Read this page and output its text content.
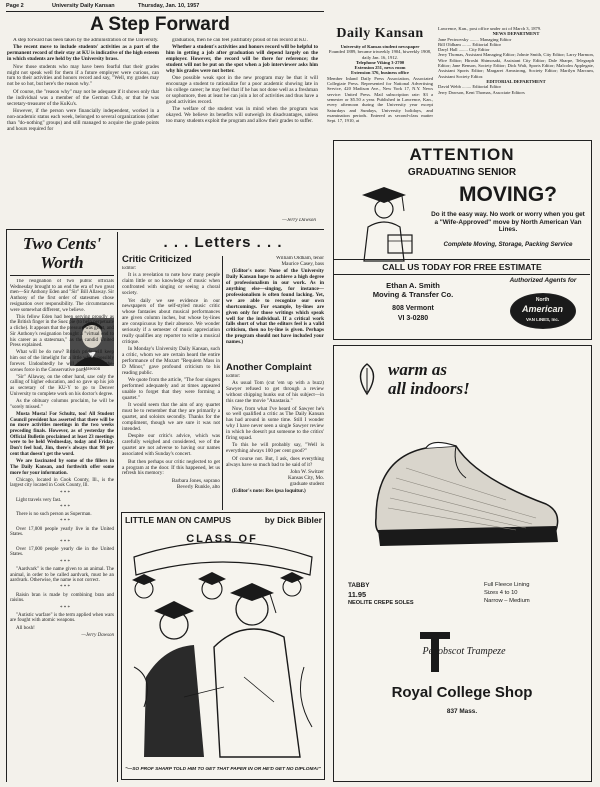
Page 2	University Daily Kansan	Thursday, Jan. 10, 1957
A Step Forward

A step forward has been taken by the administration of the University.

The recent move to include students' activities as a part of the permanent record of their stay at KU is indicative of the high esteem in which students are held by the University brass.

Now those students who may have been fearful that their grades might not speak well for them if a future employer were curious, can turn to their activities and honors record and say, "Well, my grades may not be so hot, but here's the reason why."

Of course, the "reason why" may not be adequate if it shows only that the individual was a member of the German Club, or that he was secretary-treasurer of the KuKu's.

However, if the person were financially independent, worked in a non-academic status each week, belonged to several organizations (other than "do-nothing" groups) and still managed to acquire the grade points and hours required for

graduation, then he can feel justifiably proud of his record at KU.

Whether a student's activities and honors record will be helpful to him in getting a job after graduation will depend largely on the employer. However, the record will be there for reference; the student will not be put on the spot when a job interviewer asks him why his grades were not better.

One possible weak spot in the new program may be that it will encourage a student to rationalize for a poor academic showing late in his college career; he may feel that if he has not done well as a freshman or sophomore, then at least he can join a lot of activities and thus have a good activities record.

The welfare of the student was in mind when the program was okayed. We believe its benefits will outweigh its disadvantages, unless too many students exploit the program and allow their grades to suffer.

—Jerry Dawson
Daily Kansan
University of Kansas student newspaper
Founded 1889, became triweekly 1904, biweekly 1908, daily Jan. 16, 1912.
Telephone Viking 3-2700
Extension 251, news room
Extension 376, business office
Member Inland Daily Press Association, Associated Collegiate Press. Represented for National Advertising Service, 420 Madison Ave., New York 17, N.Y. News service: United Press. Mail subscription rate: $3 a semester or $5.50 a year. Published in Lawrence, Kan., every afternoon during the University year except Saturdays and Sundays, University holidays, and examination periods. Entered as second-class matter Sept. 17, 1910, at
Lawrence, Kan., post office under act of March 3, 1879.
NEWS DEPARTMENT
Jane Pecinovsky ........ Managing Editor
Bill Oldham ........ Editorial Editor
Daryl Hall ........ City Editor
Jerry Thomas, Assistant Managing Editor; Johnie Smith, City Editor; Larry Harmon, Wire Editor; Hiroshi Shimosaki, Assistant City Editor; Dale Sharpe, Telegraph Editor; Jane Benson, Society Editor; Dick Walt, Sports Editor; Malcolm Applegate, Assistant Sports Editor; Margaret Armstrong, Society Editor; Marilyn Marcum, Assistant Society Editor.
EDITORIAL DEPARTMENT
David Webb ........ Editorial Editor
Jerry Dawson, Kent Thomas, Associate Editors
ATTENTION
GRADUATING SENIOR
MOVING?
Do it the easy way. No work or worry when you get a "Wife-Approved" move by North American Van Lines.
Complete Moving, Storage, Packing Service
CALL US TODAY FOR FREE ESTIMATE
Ethan A. Smith
Moving & Transfer Co.
808 Vermont
VI 3-0280
Authorized Agents for
North
American
VAN LINES, Inc.
Two Cents'
Worth
Dawson

The resignation of two public officials Wednesday brought to an end the era of two great men—Sir Anthony Eden and "Sir" Bill Allaway. Sir Anthony of the first order of statesmen chose resignation over responsibility. The circumstances were somewhat different, we believe.

This fellow Eden had been serving proudly as the British finger in the Suez pie (to help perpetuate a cliche). It appears that the pressure was great, and Sir Anthony's resignation brought a "virtual end to his career as a statesman," as the candid United Press explained.

What will be do now? British pride will keep him out of the limelight for a little while, possibly forever. Undoubtedly he will be a behind-the-scenes force in the Conservative party.

"Sir" Allaway, on the other hand, saw only the calling of higher education, and so gave up his job as secretary of the KU-Y to go to Denver University to complete work on his doctor's degree.

As the obituary columns proclaim, he will be "sorely missed."

Musta Musta! For Schultz, too! All Student Council president has asserted that there will be no more activities meetings in the two weeks preceding finals. However, as of yesterday the Official Bulletin proclaimed at least 23 meetings were to be held Wednesday, today and Friday. Don't feel bad, Jim, there's always that 98 per cent that doesn't get the word.

We are fascinated by some of the fillers in The Daily Kansan, and forthwith offer some more for your information.

Chicago, located in Cook County, Ill., is the largest city located in Cook County, Ill.

* * *

Light travels very fast.

* * *

There is no such person as Superman.

* * *

Over 17,000 people yearly live in the United States.

* * *

Over 17,000 people yearly die in the United States.

* * *

"Aardvark" is the name given to an animal. The animal, in order to be called aardvark, must be an aardvark. Otherwise, the name is not correct.

* * *

Raisin bran is made by combining bran and raisins.

* * *

"Autistic warfare" is the term applied when wars are fought with atomic weapons.

All bosh!

—Jerry Dawson

. . . Letters . . .
Critic Criticized

Editor:

It is a revelation to note how many people claim little or no knowledge of music when confronted with singing or seeing a choral society.

Yet daily we see evidence in our newspapers of the self-styled music critic whose fantasies about musical performances are given column inches, but whose by-lines are conspicuous by their absence. We wonder seriously if a semester of music appreciation really qualifies any reporter to write a musical critique.

In Monday's University Daily Kansan, such a critic, whom we are certain heard the entire performance of the Mozart "Requiem Mass in D Minor," gave profound criticism to his reading public.

We quote from the article, "The four singers performed adequately and at times appeared unable to forget that they were forming a quartet."

It would seem that the aim of any quartet must be to remember that they are primarily a quartet, and soloists secondly. Thanks for the compliment, though we are sure it was not intended.

Despite our critic's advice, which was carefully weighed and considered, we of the quartet are not adverse to having our names associated with Sunday's concert.

But then perhaps our critic neglected to get a program at the door. If this happened, let us refresh his memory:

Barbara Jones, soprano
Beverly Runkle, alto

William Oldham, tenor
Maurice Casey, bass

(Editor's note: None of the University Daily Kansan hope to achieve a high degree of professionalism in our work. As in anything else—singing, for instance—professionalism is often found lacking. Yet, we are able to recognize our own shortcomings. For example, by-lines are given only for those writings which speak well for the individual. If a critical work falls short of what the editors feel is a valid criticism, then no by-line is given. Perhaps the program should not have included your names.)

Another Complaint

Editor:

As usual Tom (cut 'em up with a buzz) Sawyer refused to get through a review without chipping hunks out of his subject—in this case the movie "Anastasia."

Now, from what I've heard of Sawyer he's so well qualified a critic as The Daily Kansan has had around in some time. Still I wonder why I have never seen a single Sawyer review in which he doesn't put someone to the critics' firing squad.

To this he will probably say, "Well is everything always 100 per cent good?"

Of course not. But, I ask, does everything always have so much bad to be said of it?

John W. Switzer
Kansas City, Mo.
graduate student

(Editor's note: Res ipsa loquitur.)

LITTLE MAN ON CAMPUS	by Dick Bibler
CLASS OF
"—SO PROF SHARP TOLD HIM TO GET THAT PAPER IN OR HE'D GET NO DIPLOMA!"
warm as
all indoors!
TABBY
11.95
NEOLITE CREPE SOLES
Full Fleece Lining
Sizes 4 to 10
Narrow – Medium
Penobscot Trampeze
Royal College Shop
837 Mass.
